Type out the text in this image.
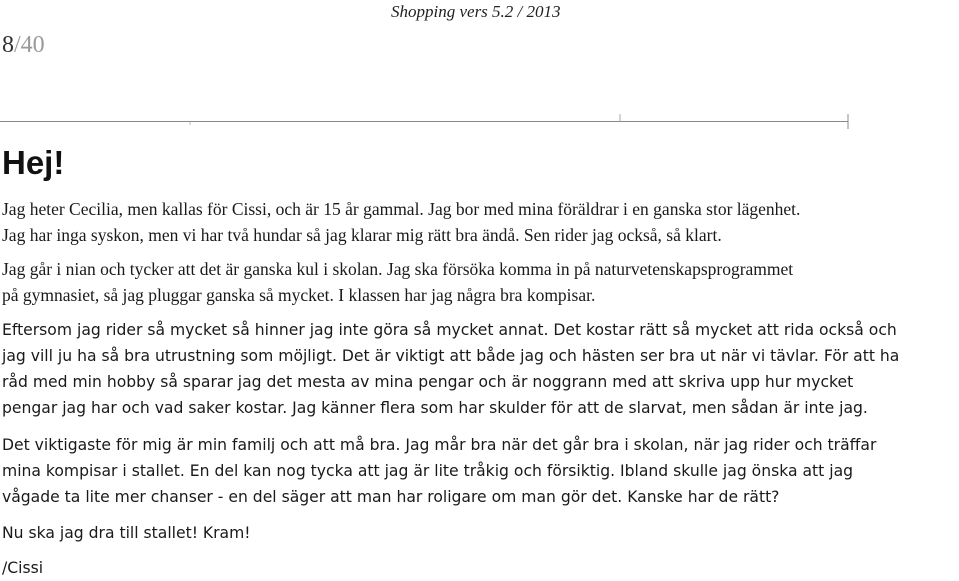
Shopping vers 5.2 / 2013
8/40
Hej!
Jag heter Cecilia, men kallas för Cissi, och är 15 år gammal. Jag bor med mina föräldrar i en ganska stor lägenhet.
Jag har inga syskon, men vi har två hundar så jag klarar mig rätt bra ändå. Sen rider jag också, så klart.
Jag går i nian och tycker att det är ganska kul i skolan. Jag ska försöka komma in på naturvetenskapsprogrammet
på gymnasiet, så jag pluggar ganska så mycket. I klassen har jag några bra kompisar.
Eftersom jag rider så mycket så hinner jag inte göra så mycket annat. Det kostar rätt så mycket att rida också och
jag vill ju ha så bra utrustning som möjligt. Det är viktigt att både jag och hästen ser bra ut när vi tävlar. För att ha
råd med min hobby så sparar jag det mesta av mina pengar och är noggrann med att skriva upp hur mycket
pengar jag har och vad saker kostar. Jag känner flera som har skulder för att de slarvat, men sådan är inte jag.
Det viktigaste för mig är min familj och att må bra. Jag mår bra när det går bra i skolan, när jag rider och träffar
mina kompisar i stallet. En del kan nog tycka att jag är lite tråkig och försiktig. Ibland skulle jag önska att jag
vågade ta lite mer chanser - en del säger att man har roligare om man gör det. Kanske har de rätt?
Nu ska jag dra till stallet! Kram!
/Cissi
